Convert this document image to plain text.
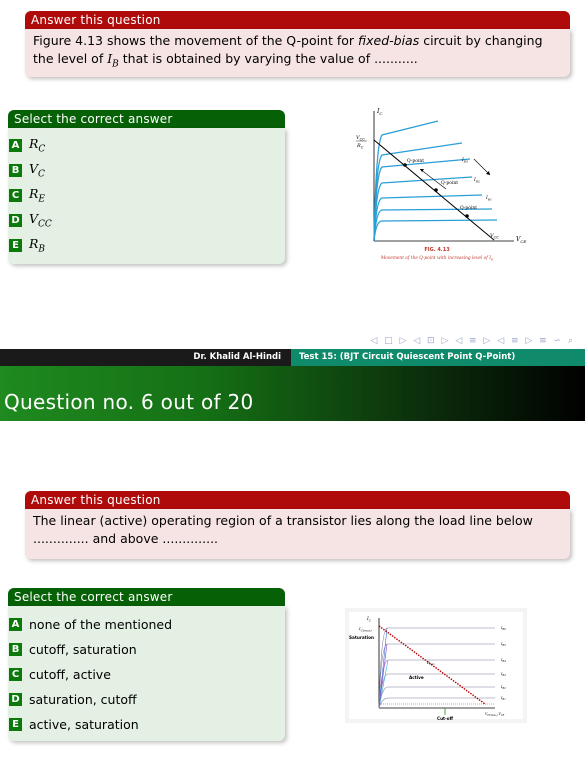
Answer this question
Figure 4.13 shows the movement of the Q-point for fixed-bias circuit by changing the level of $I_B$ that is obtained by varying the value of ...........
Select the correct answer
A $R_C$
B $V_C$
C $R_E$
D $V_{CC}$
E $R_B$
$I_C$
$V_{CE}$
$V_{CC}$
$R_C$
$V_{CC}$
Q-point
Q-point
Q-point
$I_{B3}$
$I_{B2}$
$I_{B1}$
FIG. 4.13
Movement of the Q-point with increasing level of $I_B$
◁ □ ▷ ◁ ⊡ ▷ ◁ ≡ ▷ ◁ ≡ ▷ ≡ ∽ ⌕
Dr. Khalid Al-Hindi	Test 15: (BJT Circuit Quiescent Point Q-Point)
Question no. 6 out of 20
Answer this question
The linear (active) operating region of a transistor lies along the load line below .............. and above ..............
Select the correct answer
A none of the mentioned
B cutoff, saturation
C cutoff, active
D saturation, cutoff
E active, saturation
$I_C$
$I_{C(max)}$
Saturation
$P_{max}$
Active
Cut-off
$V_{CE(max)}V_{CE}$
$I_{B6}$
$I_{B5}$
$I_{B4}$
$I_{B3}$
$I_{B2}$
$I_{B1}$
